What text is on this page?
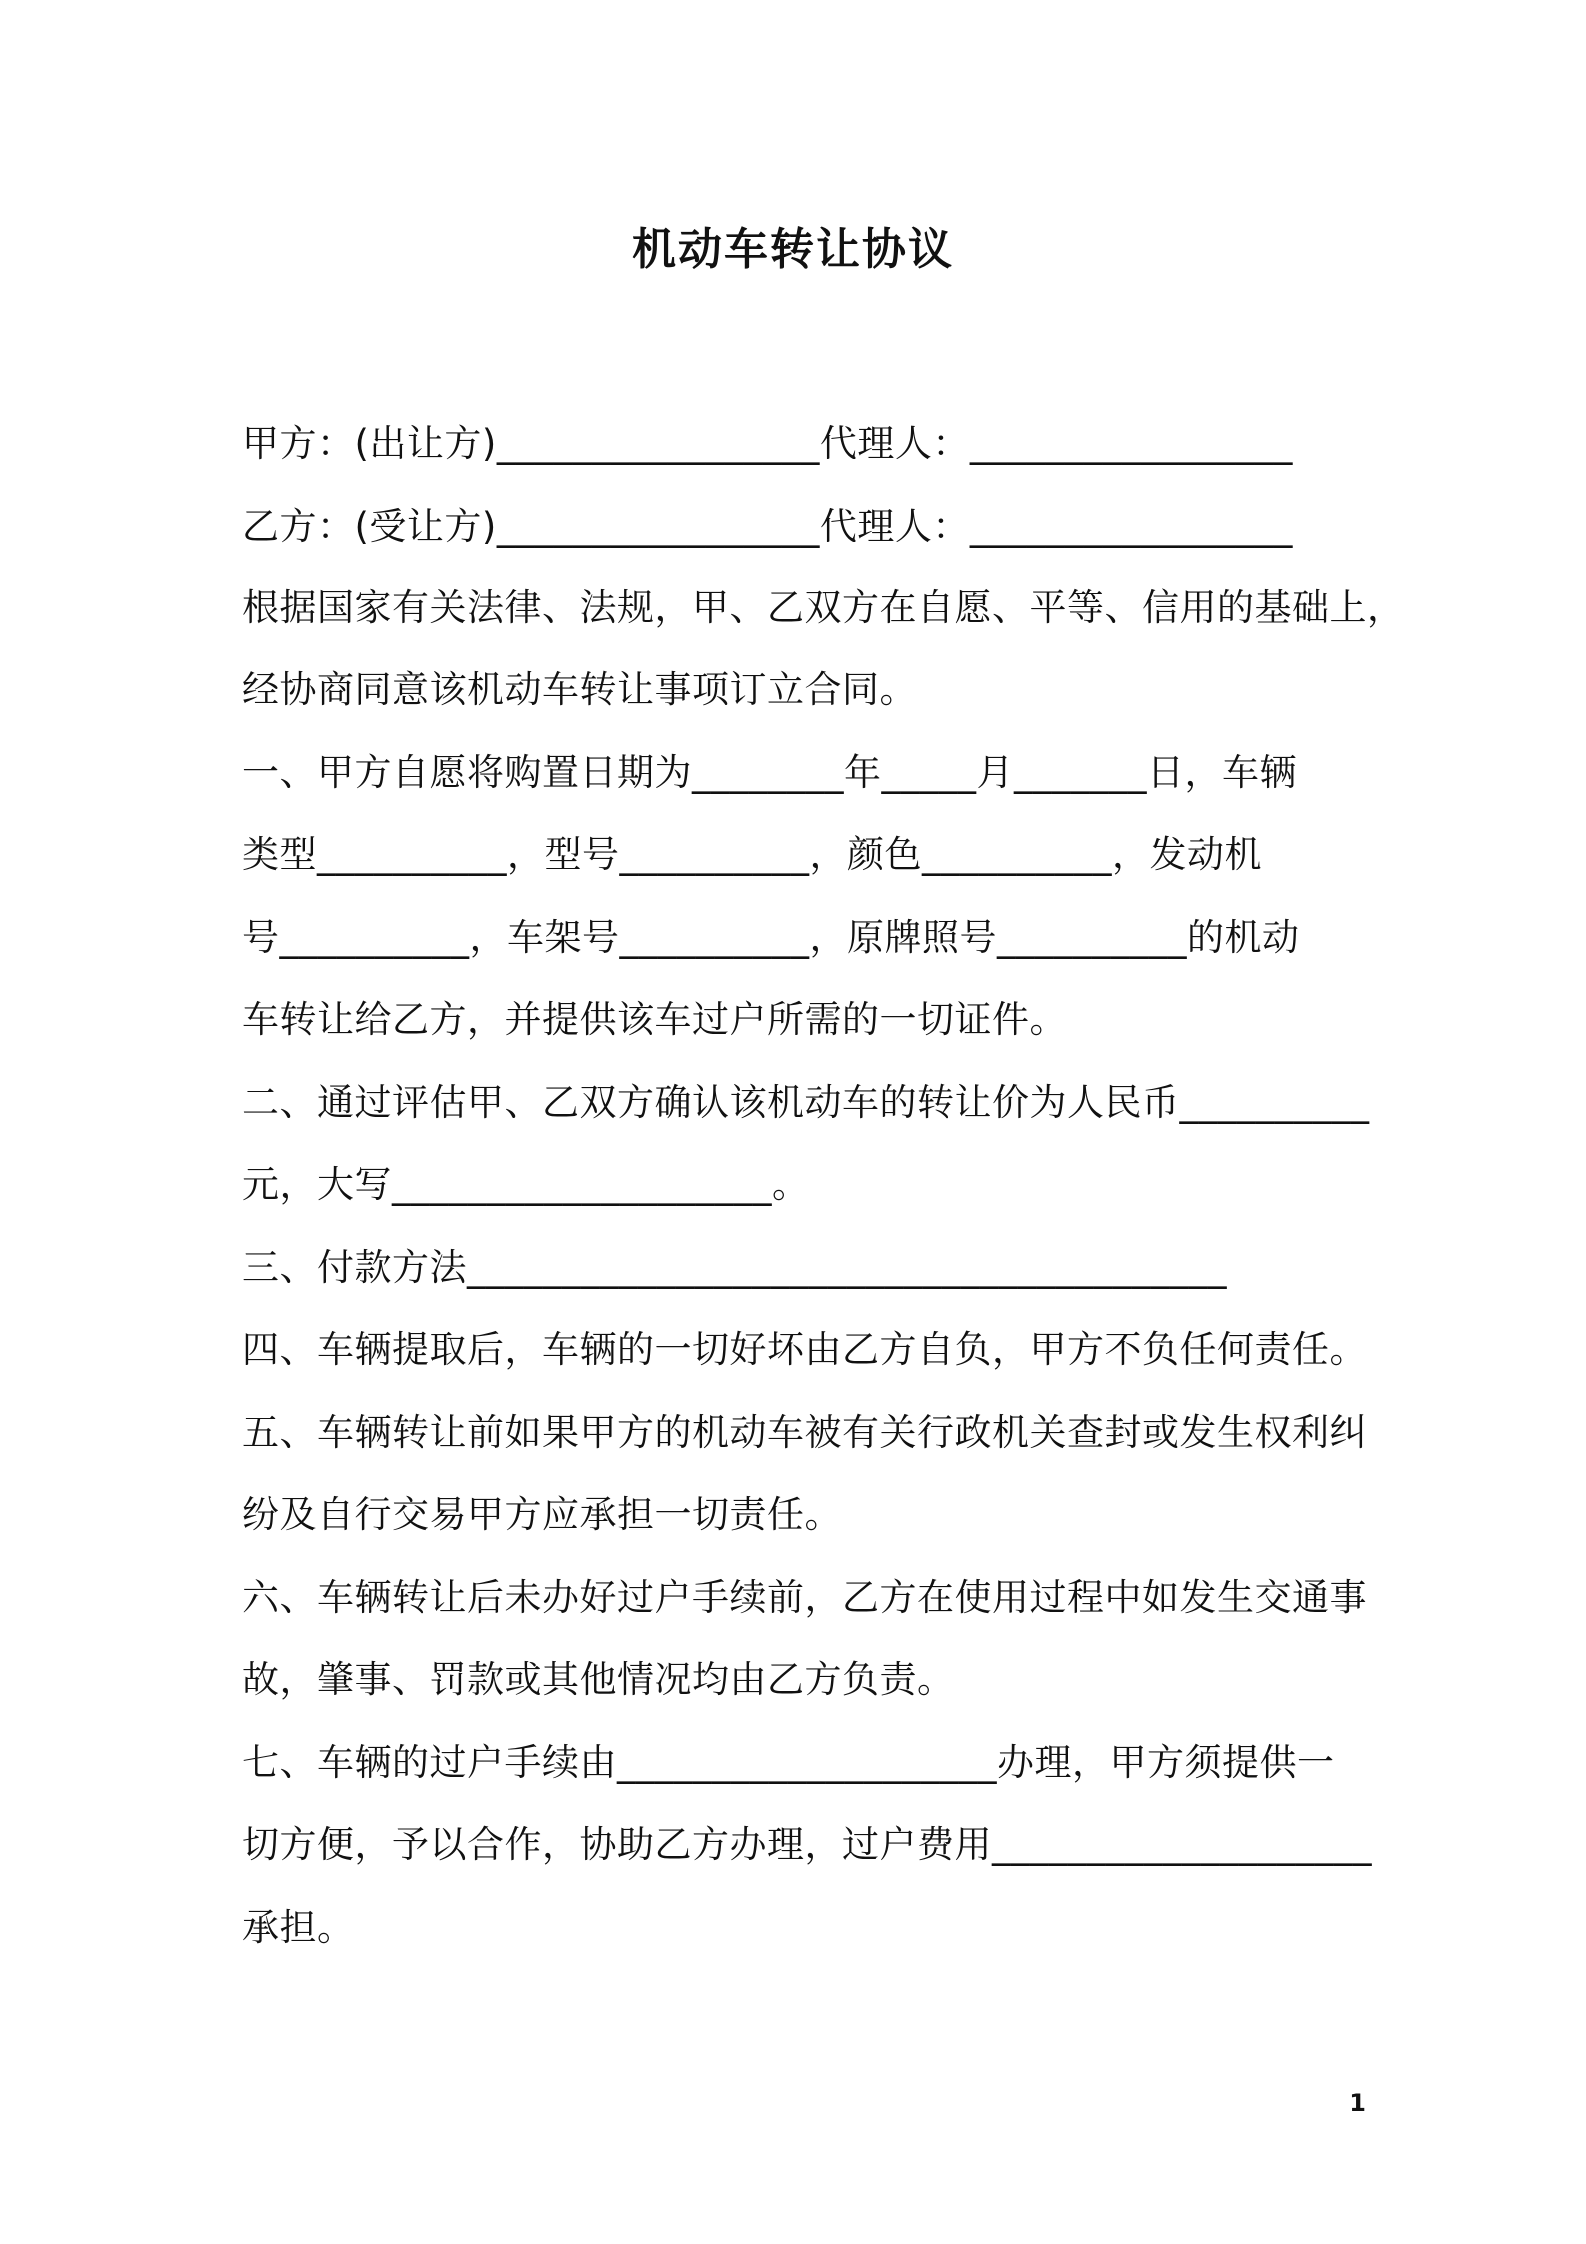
机动车转让协议
甲方：(出让方)_________________代理人：_________________
乙方：(受让方)_________________代理人：_________________
根据国家有关法律、法规，甲、乙双方在自愿、平等、信用的基础上，
经协商同意该机动车转让事项订立合同。
一、甲方自愿将购置日期为________年_____月_______日，车辆
类型__________，型号__________，颜色__________，发动机
号__________，车架号__________，原牌照号__________的机动
车转让给乙方，并提供该车过户所需的一切证件。
二、通过评估甲、乙双方确认该机动车的转让价为人民币__________
元，大写____________________。
三、付款方法________________________________________
四、车辆提取后，车辆的一切好坏由乙方自负，甲方不负任何责任。
五、车辆转让前如果甲方的机动车被有关行政机关查封或发生权利纠
纷及自行交易甲方应承担一切责任。
六、车辆转让后未办好过户手续前，乙方在使用过程中如发生交通事
故，肇事、罚款或其他情况均由乙方负责。
七、车辆的过户手续由____________________办理，甲方须提供一
切方便，予以合作，协助乙方办理，过户费用____________________
承担。
1
